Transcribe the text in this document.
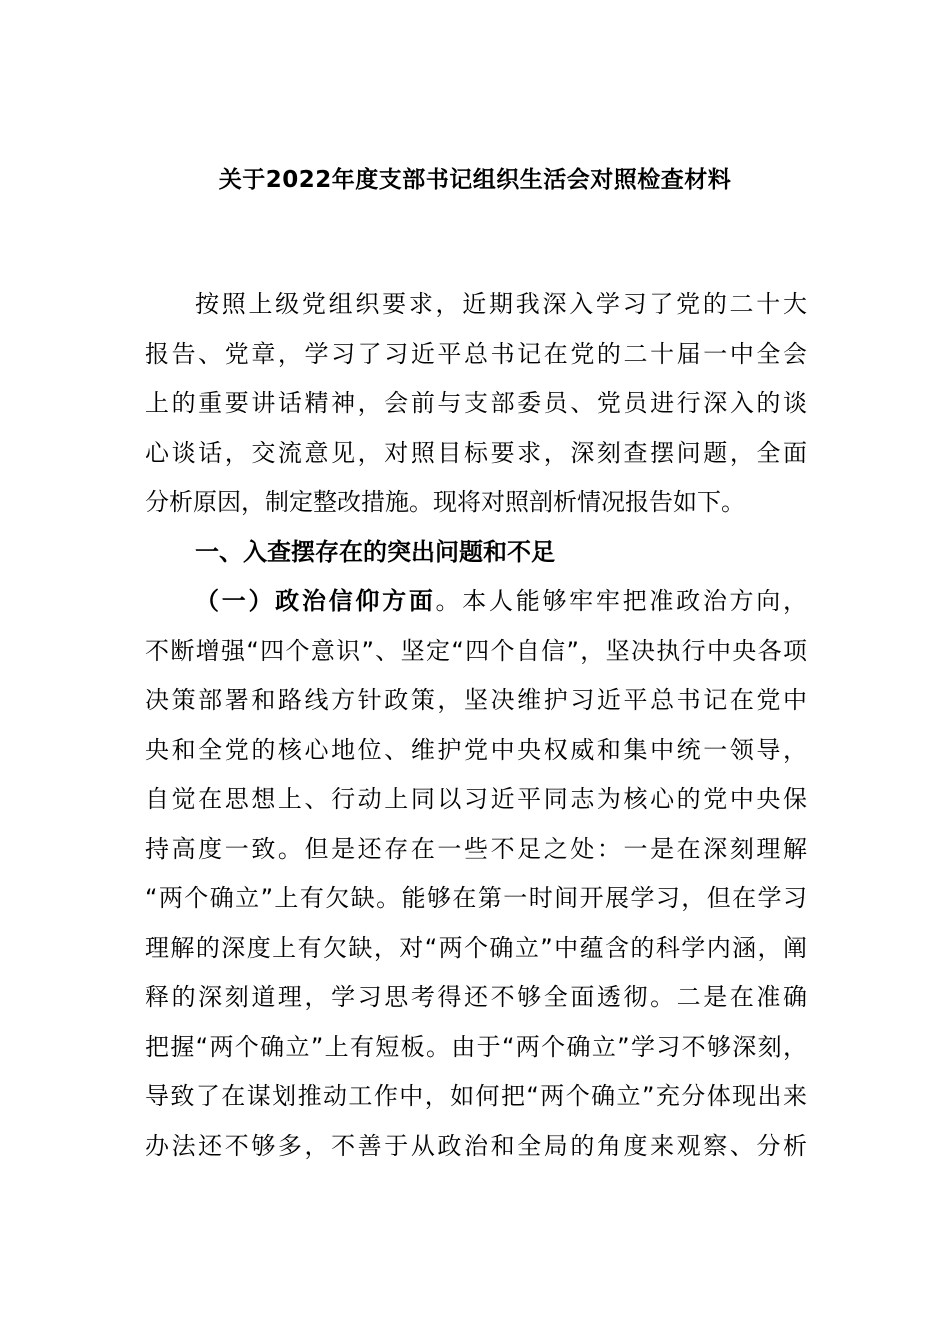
关于2022年度支部书记组织生活会对照检查材料
按照上级党组织要求，近期我深入学习了党的二十大
报告、党章，学习了习近平总书记在党的二十届一中全会
上的重要讲话精神，会前与支部委员、党员进行深入的谈
心谈话，交流意见，对照目标要求，深刻查摆问题，全面
分析原因，制定整改措施。现将对照剖析情况报告如下。
一、入查摆存在的突出问题和不足
（一）政治信仰方面。本人能够牢牢把准政治方向，
不断增强“四个意识”、坚定“四个自信”，坚决执行中央各项
决策部署和路线方针政策，坚决维护习近平总书记在党中
央和全党的核心地位、维护党中央权威和集中统一领导，
自觉在思想上、行动上同以习近平同志为核心的党中央保
持高度一致。但是还存在一些不足之处：一是在深刻理解
“两个确立”上有欠缺。能够在第一时间开展学习，但在学习
理解的深度上有欠缺，对“两个确立”中蕴含的科学内涵，阐
释的深刻道理，学习思考得还不够全面透彻。二是在准确
把握“两个确立”上有短板。由于“两个确立”学习不够深刻，
导致了在谋划推动工作中，如何把“两个确立”充分体现出来
办法还不够多，不善于从政治和全局的角度来观察、分析
